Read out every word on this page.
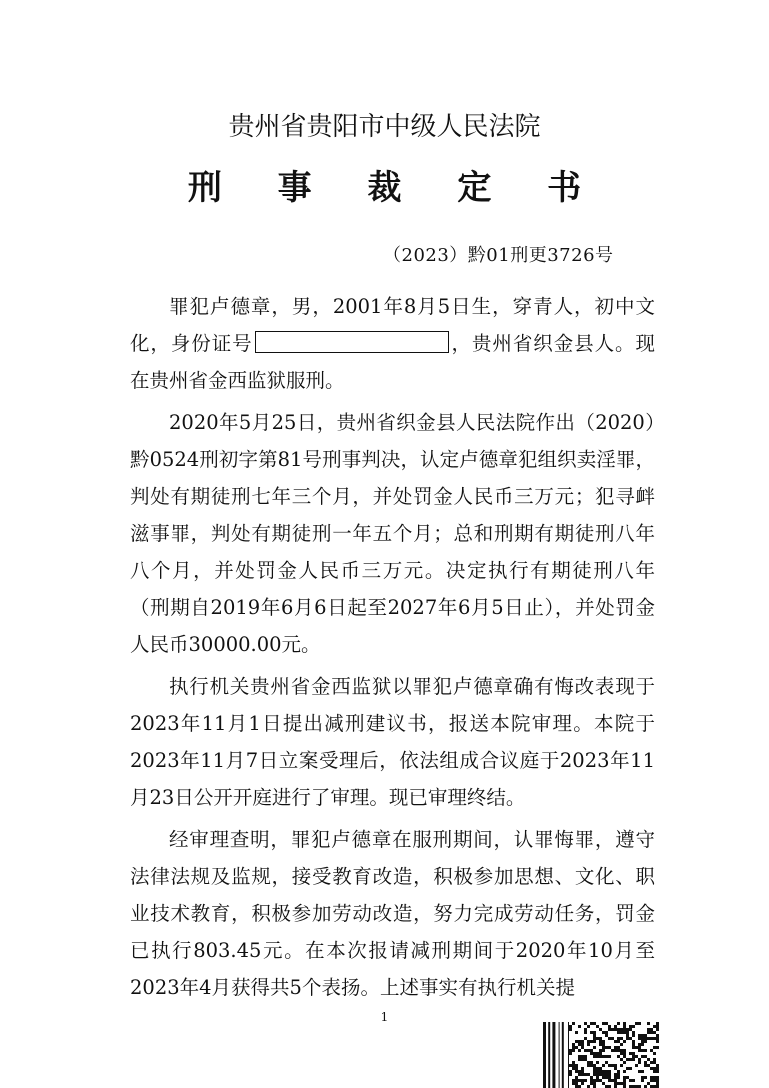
贵州省贵阳市中级人民法院
刑 事 裁 定 书
（2023）黔01刑更3726号

罪犯卢德章，男，2001年8月5日生，穿青人，初中文化，身份证号	，贵州省织金县人。现在贵州省金西监狱服刑。

2020年5月25日，贵州省织金县人民法院作出（2020）黔0524刑初字第81号刑事判决，认定卢德章犯组织卖淫罪，判处有期徒刑七年三个月，并处罚金人民币三万元；犯寻衅滋事罪，判处有期徒刑一年五个月；总和刑期有期徒刑八年八个月，并处罚金人民币三万元。决定执行有期徒刑八年（刑期自2019年6月6日起至2027年6月5日止），并处罚金人民币30000.00元。

执行机关贵州省金西监狱以罪犯卢德章确有悔改表现于2023年11月1日提出减刑建议书，报送本院审理。本院于2023年11月7日立案受理后，依法组成合议庭于2023年11月23日公开开庭进行了审理。现已审理终结。

经审理查明，罪犯卢德章在服刑期间，认罪悔罪，遵守法律法规及监规，接受教育改造，积极参加思想、文化、职业技术教育，积极参加劳动改造，努力完成劳动任务，罚金已执行803.45元。在本次报请减刑期间于2020年10月至2023年4月获得共5个表扬。上述事实有执行机关提

1
